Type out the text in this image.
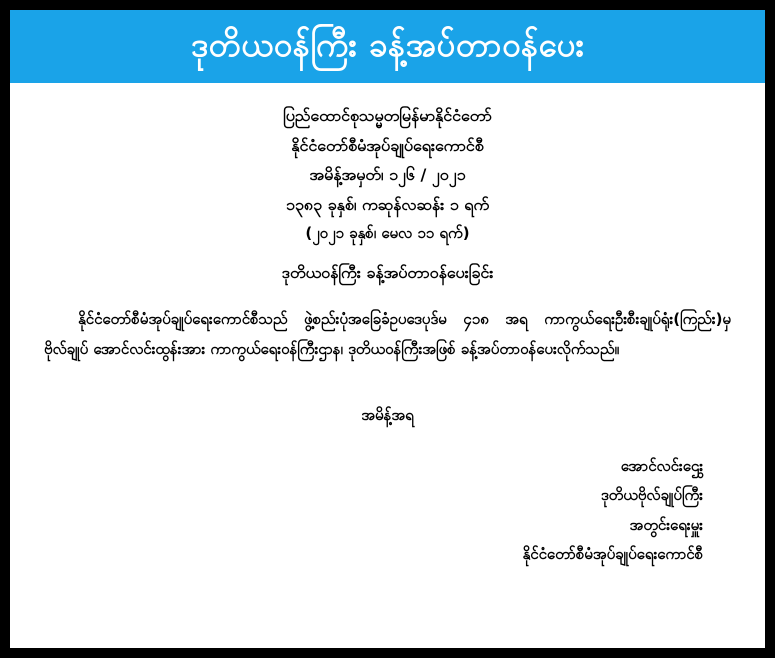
ဒုတိယဝန်ကြီး ခန့်အပ်တာဝန်ပေး
ပြည်ထောင်စုသမ္မတမြန်မာနိုင်ငံတော်
နိုင်ငံတော်စီမံအုပ်ချုပ်ရေးကောင်စီ
အမိန့်အမှတ်၊ ၁၂၆ / ၂၀၂၁
၁၃၈၃ ခုနှစ်၊ ကဆုန်လဆန်း ၁ ရက်
(၂၀၂၁ ခုနှစ်၊ မေလ ၁၁ ရက်)
ဒုတိယဝန်ကြီး ခန့်အပ်တာဝန်ပေးခြင်း
နိုင်ငံတော်စီမံအုပ်ချုပ်ရေးကောင်စီသည် ဖွဲ့စည်းပုံအခြေခံဥပဒေပုဒ်မ ၄၁၈ အရ ကာကွယ်ရေးဦးစီးချုပ်ရုံး(ကြည်း)မှ ဗိုလ်ချုပ် အောင်လင်းထွန်းအား ကာကွယ်ရေးဝန်ကြီးဌာန၊ ဒုတိယဝန်ကြီးအဖြစ် ခန့်အပ်တာဝန်ပေးလိုက်သည်။
အမိန့်အရ
အောင်လင်းဌွေး
ဒုတိယဗိုလ်ချုပ်ကြီး
အတွင်းရေးမှူး
နိုင်ငံတော်စီမံအုပ်ချုပ်ရေးကောင်စီ
